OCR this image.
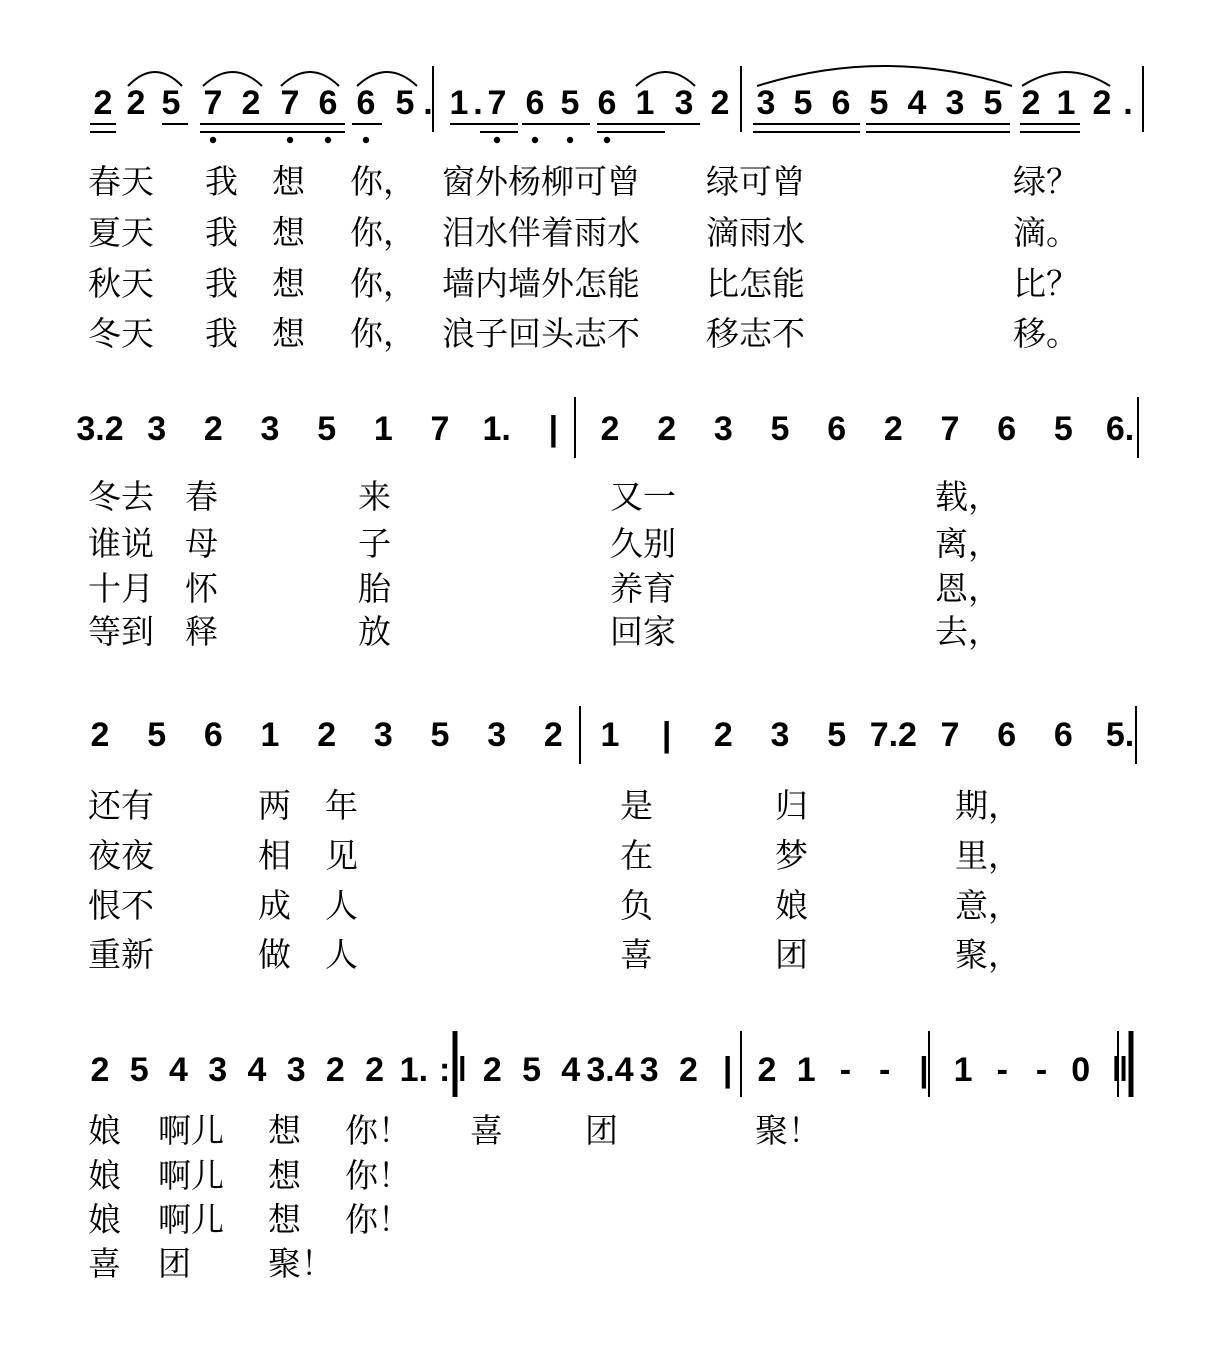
2 2 5 7 2 7 6 6 5 . 1 . 7 6 5 6 1 3 2 3 5 6 5 4 3 5 2 1 2 .
3.2 3 2 3 5 1 7 1. | 2 2 3 5 6 2 7 6 5 6.
2 5 6 1 2 3 5 3 2 1 | 2 3 5 7.2 7 6 6 5.
2 5 4 3 4 3 2 2 1. :‖ 2 5 4 3.4 3 2 | 2 1 - - | 1 - - 0 ‖
春天 我 想 你， 窗外杨柳可曾 绿可曾	绿？
夏天 我 想 你， 泪水伴着雨水 滴雨水	滴。
秋天 我 想 你， 墙内墙外怎能 比怎能	比？
冬天 我 想 你， 浪子回头志不 移志不	移。
冬去 春	来	又一	载，
谁说 母	子	久别	离，
十月 怀	胎	养育	恩，
等到 释	放	回家	去，
还有	两 年	是	归	期，
夜夜	相 见	在	梦	里，
恨不	成 人	负	娘	意，
重新	做 人	喜	团	聚，
娘 啊儿 想 你！ 喜 团	聚！
娘 啊儿 想 你！
娘 啊儿 想 你！
喜 团 聚！
